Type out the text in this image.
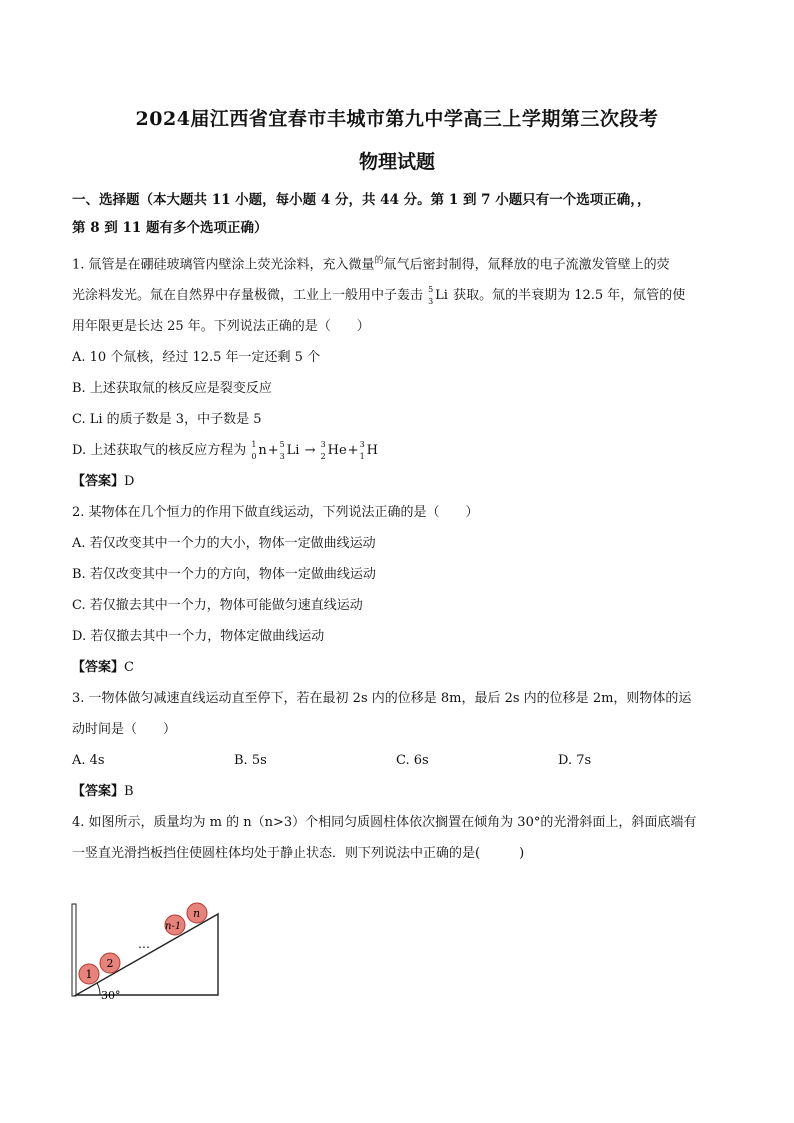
2024届江西省宜春市丰城市第九中学高三上学期第三次段考
物理试题

一、选择题（本大题共 11 小题，每小题 4 分，共 44 分。第 1 到 7 小题只有一个选项正确，，
第 8 到 11 题有多个选项正确）

1. 氚管是在硼硅玻璃管内壁涂上荧光涂料，充入微量$^的$氚气后密封制得，氚释放的电子流激发管壁上的荧

光涂料发光。氚在自然界中存量极微，工业上一般用中子轰击 5
3 Li 获取。氚的半衰期为 12.5 年，氚管的使

用年限更是长达 25 年。下列说法正确的是（　　）

A. 10 个氚核，经过 12.5 年一定还剩 5 个

B. 上述获取氚的核反应是裂变反应

C. Li 的质子数是 3，中子数是 5

D. 上述获取气的核反应方程为 1
0 n+ 5
3 Li → 3
2 He+ 3
1 H

【答案】D

2. 某物体在几个恒力的作用下做直线运动，下列说法正确的是（　　）

A. 若仅改变其中一个力的大小，物体一定做曲线运动

B. 若仅改变其中一个力的方向，物体一定做曲线运动

C. 若仅撤去其中一个力，物体可能做匀速直线运动

D. 若仅撤去其中一个力，物体定做曲线运动

【答案】C

3. 一物体做匀减速直线运动直至停下，若在最初 2s 内的位移是 8m，最后 2s 内的位移是 2m，则物体的运

动时间是（　　）

A. 4s	B. 5s	C. 6s	D. 7s

【答案】B

4. 如图所示，质量均为 m 的 n（n>3）个相同匀质圆柱体依次搁置在倾角为 30°的光滑斜面上，斜面底端有

一竖直光滑挡板挡住使圆柱体均处于静止状态．则下列说法中正确的是(　　　)

30°
1
2
…
n-1
n
